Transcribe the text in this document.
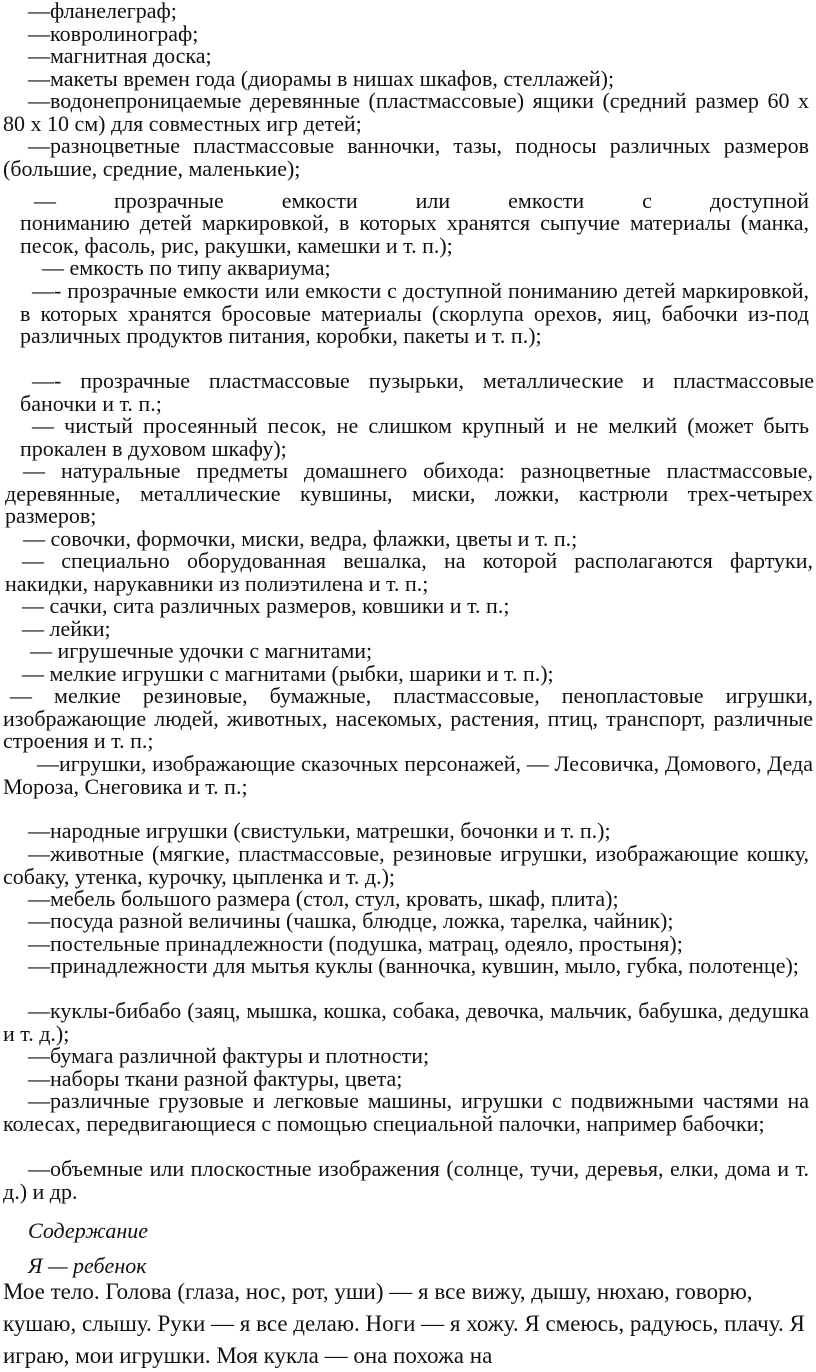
—фланелеграф;
—ковролинограф;
—магнитная доска;
—макеты времен года (диорамы в нишах шкафов, стеллажей);
—водонепроницаемые деревянные (пластмассовые) ящики (средний размер 60 х 80 х 10 см) для совместных игр детей;
—разноцветные пластмассовые ванночки, тазы, подносы различных размеров (большие, средние, маленькие);
— прозрачные емкости или емкости с доступной
пониманию детей маркировкой, в которых хранятся сыпучие материалы (манка, песок, фасоль, рис, ракушки, камешки и т. п.);
— емкость по типу аквариума;
—- прозрачные емкости или емкости с доступной пониманию детей маркировкой, в которых хранятся бросовые материалы (скорлупа орехов, яиц, бабочки из-под различных продуктов питания, коробки, пакеты и т. п.);
—- прозрачные пластмассовые пузырьки, металлические и пластмассовые баночки и т. п.;
— чистый просеянный песок, не слишком крупный и не мелкий (может быть прокален в духовом шкафу);
— натуральные предметы домашнего обихода: разноцветные пластмассовые, деревянные, металлические кувшины, миски, ложки, кастрюли трех-четырех размеров;
— совочки, формочки, миски, ведра, флажки, цветы и т. п.;
— специально оборудованная вешалка, на которой располагаются фартуки, накидки, нарукавники из полиэтилена и т. п.;
— сачки, сита различных размеров, ковшики и т. п.;
— лейки;
— игрушечные удочки с магнитами;
— мелкие игрушки с магнитами (рыбки, шарики и т. п.);
— мелкие резиновые, бумажные, пластмассовые, пенопластовые игрушки, изображающие людей, животных, насекомых, растения, птиц, транспорт, различные строения и т. п.;
—игрушки, изображающие сказочных персонажей, — Лесовичка, Домового, Деда Мороза, Снеговика и т. п.;
—народные игрушки (свистульки, матрешки, бочонки и т. п.);
—животные (мягкие, пластмассовые, резиновые игрушки, изображающие кошку, собаку, утенка, курочку, цыпленка и т. д.);
—мебель большого размера (стол, стул, кровать, шкаф, плита);
—посуда разной величины (чашка, блюдце, ложка, тарелка, чайник);
—постельные принадлежности (подушка, матрац, одеяло, простыня);
—принадлежности для мытья куклы (ванночка, кувшин, мыло, губка, полотенце);
—куклы-бибабо (заяц, мышка, кошка, собака, девочка, мальчик, бабушка, дедушка и т. д.);
—бумага различной фактуры и плотности;
—наборы ткани разной фактуры, цвета;
—различные грузовые и легковые машины, игрушки с подвижными частями на колесах, передвигающиеся с помощью специальной палочки, например бабочки;
—объемные или плоскостные изображения (солнце, тучи, деревья, елки, дома и т. д.) и др.
Содержание
Я — ребенок
Мое тело. Голова (глаза, нос, рот, уши) — я все вижу, дышу, нюхаю, говорю, кушаю, слышу. Руки — я все делаю. Ноги — я хожу. Я смеюсь, радуюсь, плачу. Я играю, мои игрушки. Моя кукла — она похожа на
